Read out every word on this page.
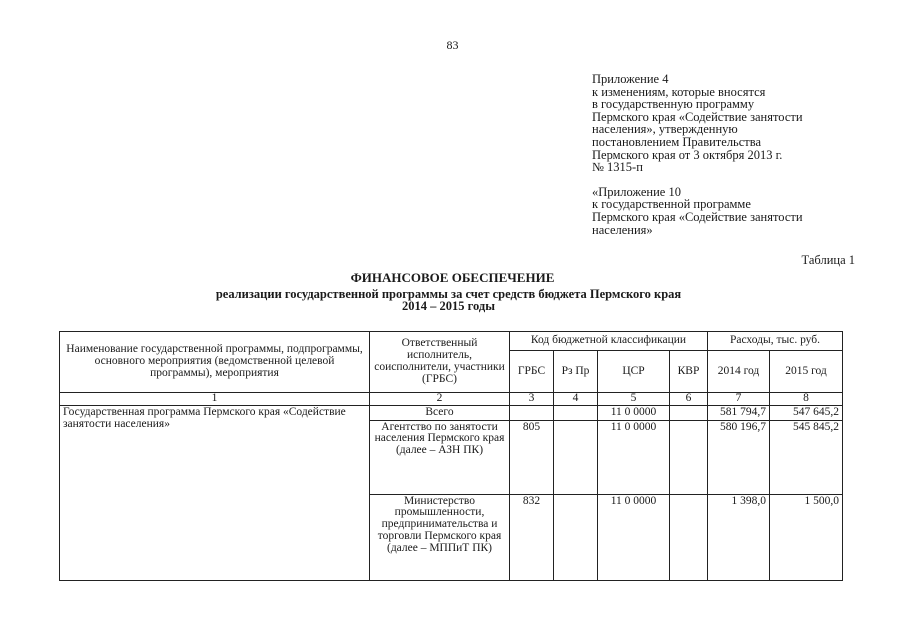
83
Приложение 4
к изменениям, которые вносятся
в государственную программу
Пермского края «Содействие занятости
населения», утвержденную
постановлением Правительства
Пермского края от 3 октября 2013 г.
№ 1315-п
«Приложение 10
к государственной программе
Пермского края «Содействие занятости
населения»
Таблица 1
ФИНАНСОВОЕ ОБЕСПЕЧЕНИЕ
реализации государственной программы за счет средств бюджета Пермского края
2014 – 2015 годы
Наименование государственной программы, подпрограммы, основного мероприятия (ведомственной целевой программы), мероприятия	Ответственный исполнитель, соисполнители, участники (ГРБС)	Код бюджетной классификации				Расходы, тыс. руб.	
		ГРБС	Рз Пр	ЦСР	КВР	2014 год	2015 год
1	2	3	4	5	6	7	8
Государственная программа Пермского края «Содействие занятости населения»	Всего			11 0 0000		581 794,7	547 645,2
	Агентство по занятости населения Пермского края (далее – АЗН ПК)	805		11 0 0000		580 196,7	545 845,2
	Министерство промышленности, предпринимательства и торговли Пермского края (далее – МППиТ ПК)	832		11 0 0000		1 398,0	1 500,0
